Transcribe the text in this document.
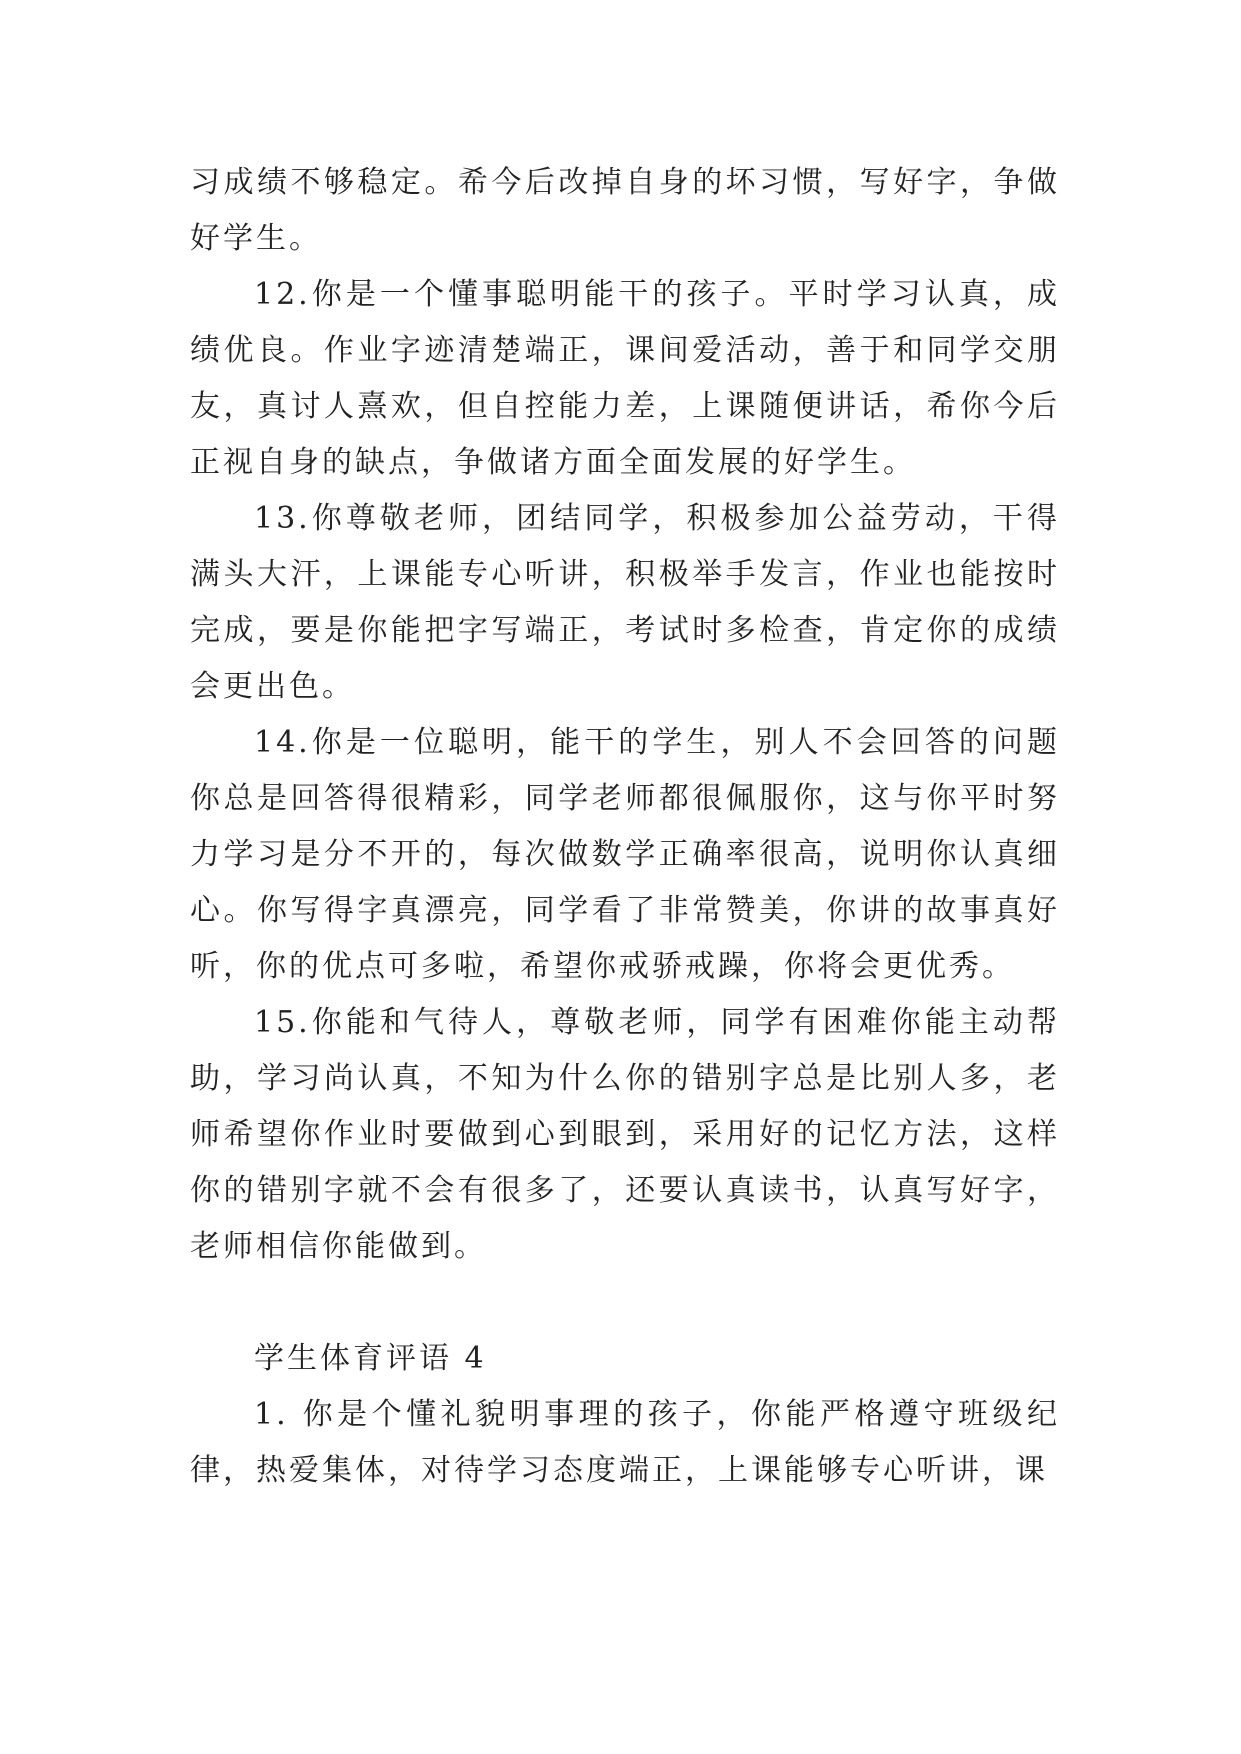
习成绩不够稳定。希今后改掉自身的坏习惯，写好字，争做好学生。

12.你是一个懂事聪明能干的孩子。平时学习认真，成绩优良。作业字迹清楚端正，课间爱活动，善于和同学交朋友，真讨人熹欢，但自控能力差，上课随便讲话，希你今后正视自身的缺点，争做诸方面全面发展的好学生。

13.你尊敬老师，团结同学，积极参加公益劳动，干得满头大汗，上课能专心听讲，积极举手发言，作业也能按时完成，要是你能把字写端正，考试时多检查，肯定你的成绩会更出色。

14.你是一位聪明，能干的学生，别人不会回答的问题你总是回答得很精彩，同学老师都很佩服你，这与你平时努力学习是分不开的，每次做数学正确率很高，说明你认真细心。你写得字真漂亮，同学看了非常赞美，你讲的故事真好听，你的优点可多啦，希望你戒骄戒躁，你将会更优秀。

15.你能和气待人，尊敬老师，同学有困难你能主动帮助，学习尚认真，不知为什么你的错别字总是比别人多，老师希望你作业时要做到心到眼到，采用好的记忆方法，这样你的错别字就不会有很多了，还要认真读书，认真写好字，老师相信你能做到。

学生体育评语 4

1. 你是个懂礼貌明事理的孩子，你能严格遵守班级纪律，热爱集体，对待学习态度端正，上课能够专心听讲，课
